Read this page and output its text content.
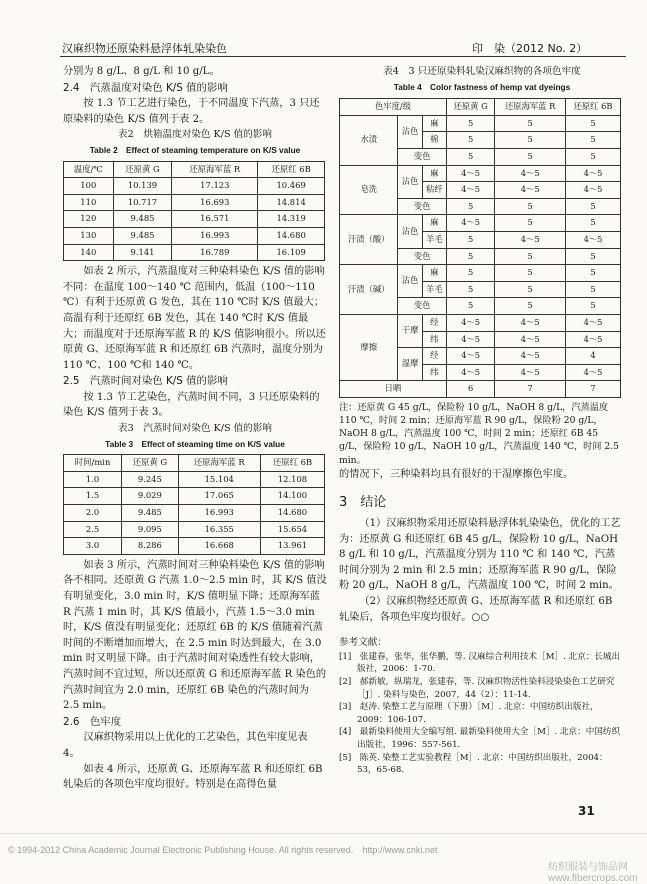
汉麻织物还原染料悬浮体轧染染色	印　染（2012 No. 2）

分别为 8 g/L、8 g/L 和 10 g/L。

2.4　汽蒸温度对染色 K/S 值的影响

按 1.3 节工艺进行染色，于不同温度下汽蒸，3 只还原染料的染色 K/S 值列于表 2。

表2　烘箱温度对染色 K/S 值的影响
Table 2　Effect of steaming temperature on K/S value
温度/℃	还原黄 G	还原海军蓝 R	还原红 6B
100	10.139	17.123	10.469
110	10.717	16.693	14.814
120	9.485	16.571	14.319
130	9.485	16.993	14.680
140	9.141	16.789	16.109

如表 2 所示，汽蒸温度对三种染料染色 K/S 值的影响不同：在温度 100～140 ℃ 范围内，低温（100～110 ℃）有利于还原黄 G 发色，其在 110 ℃时 K/S 值最大；高温有利于还原红 6B 发色，其在 140 ℃时 K/S 值最大；而温度对于还原海军蓝 R 的 K/S 值影响很小。所以还原黄 G、还原海军蓝 R 和还原红 6B 汽蒸时，温度分别为 110 ℃、100 ℃和 140 ℃。

2.5　汽蒸时间对染色 K/S 值的影响

按 1.3 节工艺染色，汽蒸时间不同，3 只还原染料的染色 K/S 值列于表 3。

表3　汽蒸时间对染色 K/S 值的影响
Table 3　Effect of steaming time on K/S value
时间/min	还原黄 G	还原海军蓝 R	还原红 6B
1.0	9.245	15.104	12.108
1.5	9.029	17.065	14.100
2.0	9.485	16.993	14.680
2.5	9.095	16.355	15.654
3.0	8.286	16.668	13.961

如表 3 所示，汽蒸时间对三种染料染色 K/S 值的影响各不相同。还原黄 G 汽蒸 1.0～2.5 min 时，其 K/S 值没有明显变化，3.0 min 时，K/S 值明显下降；还原海军蓝 R 汽蒸 1 min 时，其 K/S 值最小，汽蒸 1.5～3.0 min 时，K/S 值没有明显变化；还原红 6B 的 K/S 值随着汽蒸时间的不断增加而增大，在 2.5 min 时达到最大，在 3.0 min 时又明显下降。由于汽蒸时间对染透性有较大影响，汽蒸时间不宜过短，所以还原黄 G 和还原海军蓝 R 染色的汽蒸时间宜为 2.0 min，还原红 6B 染色的汽蒸时间为 2.5 min。

2.6　色牢度

汉麻织物采用以上优化的工艺染色，其色牢度见表 4。

如表 4 所示，还原黄 G、还原海军蓝 R 和还原红 6B 轧染后的各项色牢度均很好。特别是在高得色量

表4　3 只还原染料轧染汉麻织物的各项色牢度
Table 4　Color fastness of hemp vat dyeings
色牢度/级			还原黄 G	还原海军蓝 R	还原红 6B
水渍	沾色	麻	5	5	5
		棉	5	5	5
	变色		5	5	5
皂洗	沾色	麻	4～5	4～5	4～5
		粘纤	4～5	4～5	4～5
	变色		5	5	5
汗渍（酸）	沾色	麻	4～5	5	5
		羊毛	5	4～5	4～5
	变色		5	5	5
汗渍（碱）	沾色	麻	5	5	5
		羊毛	5	5	5
	变色		5	5	5
摩擦	干摩	经	4～5	4～5	4～5
		纬	4～5	4～5	4～5
	湿摩	经	4～5	4～5	4
		纬	4～5	4～5	4～5
日晒			6	7	7

注：还原黄 G 45 g/L，保险粉 10 g/L，NaOH 8 g/L，汽蒸温度 110 ℃，时间 2 min；还原海军蓝 R 90 g/L，保险粉 20 g/L，NaOH 8 g/L，汽蒸温度 100 ℃，时间 2 min；还原红 6B 45 g/L，保险粉 10 g/L，NaOH 10 g/L，汽蒸温度 140 ℃，时间 2.5 min。

的情况下，三种染料均具有很好的干湿摩擦色牢度。

3　结论

（1）汉麻织物采用还原染料悬浮体轧染染色，优化的工艺为：还原黄 G 和还原红 6B 45 g/L，保险粉 10 g/L，NaOH 8 g/L 和 10 g/L，汽蒸温度分别为 110 ℃ 和 140 ℃，汽蒸时间分别为 2 min 和 2.5 min；还原海军蓝 R 90 g/L，保险粉 20 g/L，NaOH 8 g/L，汽蒸温度 100 ℃，时间 2 min。

（2）汉麻织物经还原黄 G、还原海军蓝 R 和还原红 6B 轧染后，各项色牢度均很好。○○

参考文献：

[1]　张建春，张华，张华鹏，等. 汉麻综合利用技术［M］. 北京：长城出版社，2006：1-70.

[2]　郝新敏，纵瑞龙，张建春，等. 汉麻织物活性染料浸染染色工艺研究［J］. 染料与染色，2007，44（2）：11-14.

[3]　赵涛. 染整工艺与原理（下册）［M］. 北京：中国纺织出版社，2009：106-107.

[4]　最新染料使用大全编写组. 最新染料使用大全［M］. 北京：中国纺织出版社，1996：557-561.

[5]　陈英. 染整工艺实验教程［M］. 北京：中国纺织出版社，2004：53，65-68.

31
© 1994-2012 China Academic Journal Electronic Publishing House. All rights reserved.　http://www.cnki.net
纺织服装与饰品网 www.fibercrops.com
